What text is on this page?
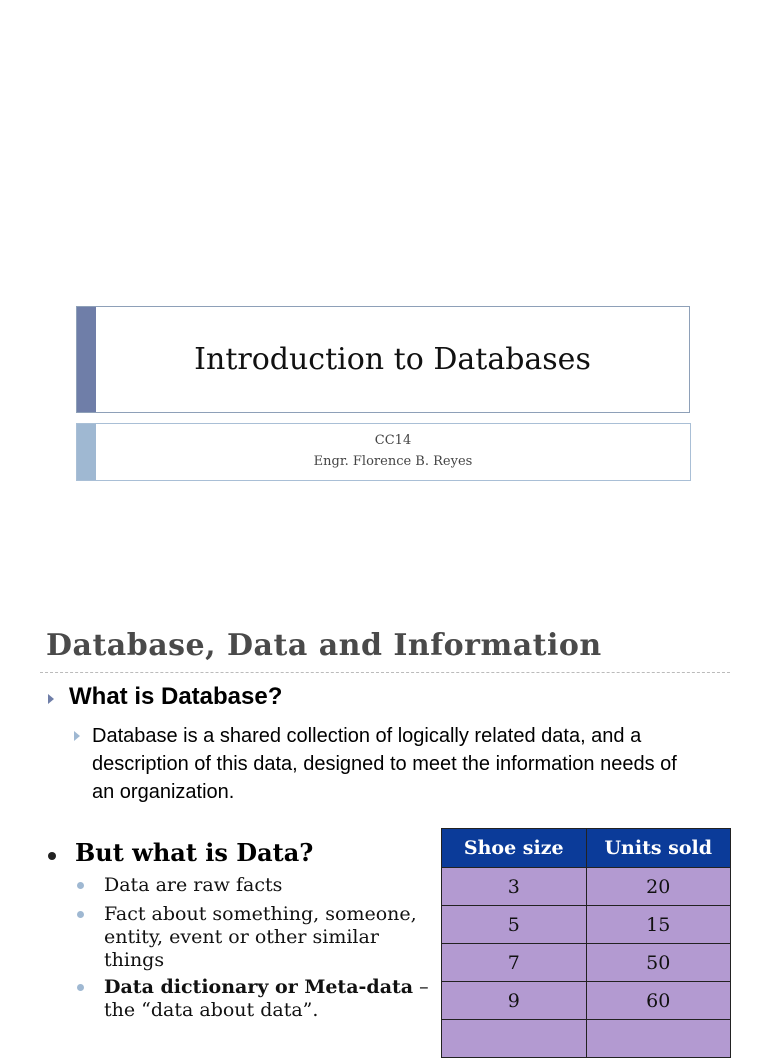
Introduction to Databases
CC14
Engr. Florence B. Reyes
Database, Data and Information
What is Database?
Database is a shared collection of logically related data, and a description of this data, designed to meet the information needs of an organization.
But what is Data?
Data are raw facts
Fact about something, someone, entity, event or other similar things
Data dictionary or Meta-data – the “data about data”.
Shoe size	Units sold
3	20
5	15
7	50
9	60
